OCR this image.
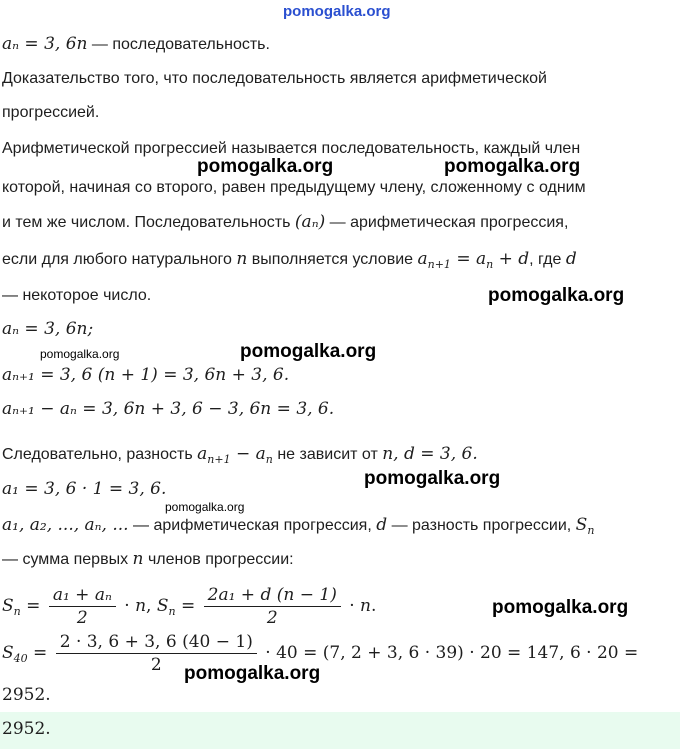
pomogalka.org
pomogalka.org	pomogalka.org
pomogalka.org
pomogalka.org	pomogalka.org
pomogalka.org
pomogalka.org
pomogalka.org
pomogalka.org
aₙ = 3, 6n — последовательность.
Доказательство того, что последовательность является арифметической
прогрессией.
Арифметической прогрессией называется последовательность, каждый член
которой, начиная со второго, равен предыдущему члену, сложенному с одним
и тем же числом. Последовательность (aₙ) — арифметическая прогрессия,
если для любого натурального n выполняется условие $a_{n+1} = a_n + d$, где d
— некоторое число.
aₙ = 3, 6n;
aₙ₊₁ = 3, 6 (n + 1) = 3, 6n + 3, 6.
aₙ₊₁ − aₙ = 3, 6n + 3, 6 − 3, 6n = 3, 6.
Следовательно, разность $a_{n+1} - a_n$ не зависит от n, d = 3, 6.
a₁ = 3, 6 · 1 = 3, 6.
a₁, a₂, ..., aₙ, ... — арифметическая прогрессия, d — разность прогрессии, $S_n$
— сумма первых n членов прогрессии:
$S_n = \frac{\text{a₁ + aₙ}}{2} \cdot n$, $S_n = \frac{\text{2a₁ + d (n − 1)}}{2} \cdot n$.
$S_{40} = \frac{2 \cdot 3, 6 + 3, 6 (40 - 1)}{2} \cdot 40 = (7$, 2 + 3, 6 · 39) · 20 = 147, 6 · 20 =
2952.
2952.
